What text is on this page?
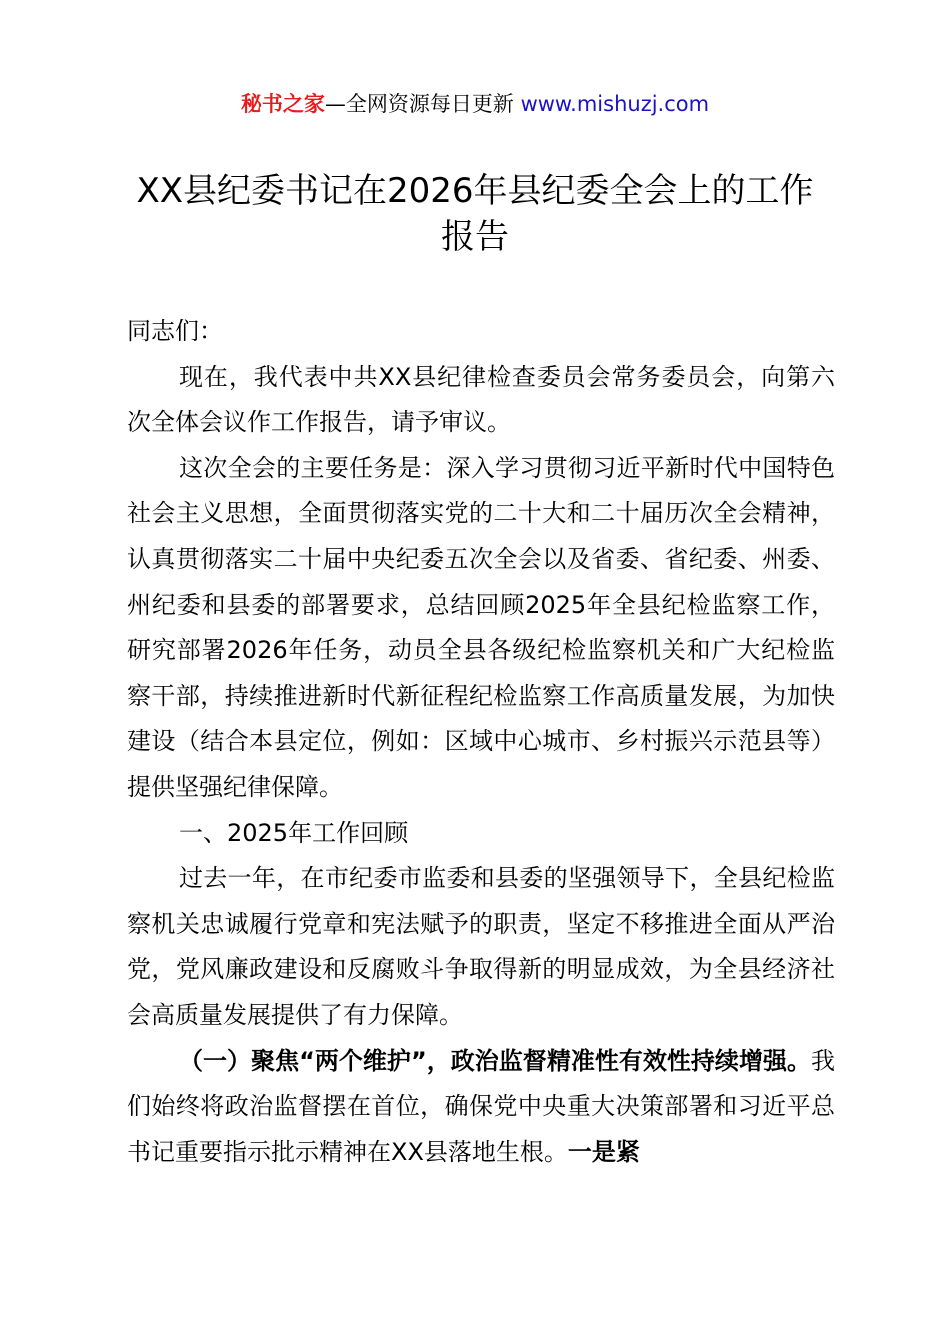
秘书之家—全网资源每日更新 www.mishuzj.com
XX县纪委书记在2026年县纪委全会上的工作报告

同志们：

现在，我代表中共XX县纪律检查委员会常务委员会，向第六次全体会议作工作报告，请予审议。

这次全会的主要任务是：深入学习贯彻习近平新时代中国特色社会主义思想，全面贯彻落实党的二十大和二十届历次全会精神，认真贯彻落实二十届中央纪委五次全会以及省委、省纪委、州委、州纪委和县委的部署要求，总结回顾2025年全县纪检监察工作，研究部署2026年任务，动员全县各级纪检监察机关和广大纪检监察干部，持续推进新时代新征程纪检监察工作高质量发展，为加快建设（结合本县定位，例如：区域中心城市、乡村振兴示范县等）提供坚强纪律保障。

一、2025年工作回顾

过去一年，在市纪委市监委和县委的坚强领导下，全县纪检监察机关忠诚履行党章和宪法赋予的职责，坚定不移推进全面从严治党，党风廉政建设和反腐败斗争取得新的明显成效，为全县经济社会高质量发展提供了有力保障。

（一）聚焦“两个维护”，政治监督精准性有效性持续增强。我们始终将政治监督摆在首位，确保党中央重大决策部署和习近平总书记重要指示批示精神在XX县落地生根。一是紧
